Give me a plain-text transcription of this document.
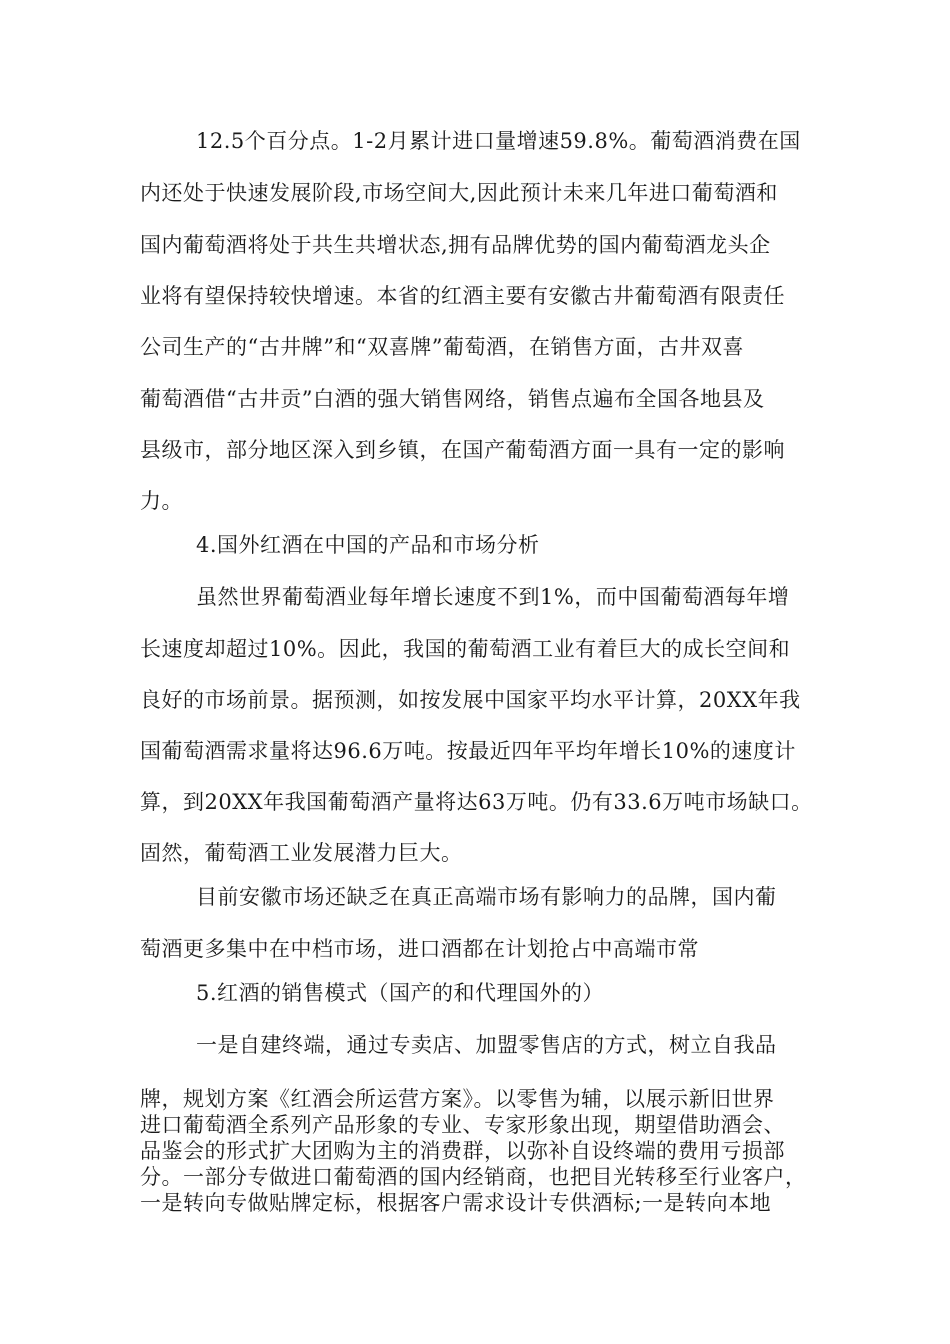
12.5个百分点。1-2月累计进口量增速59.8%。葡萄酒消费在国
内还处于快速发展阶段,市场空间大,因此预计未来几年进口葡萄酒和
国内葡萄酒将处于共生共增状态,拥有品牌优势的国内葡萄酒龙头企
业将有望保持较快增速。本省的红酒主要有安徽古井葡萄酒有限责任
公司生产的“古井牌”和“双喜牌”葡萄酒，在销售方面，古井双喜
葡萄酒借“古井贡”白酒的强大销售网络，销售点遍布全国各地县及
县级市，部分地区深入到乡镇，在国产葡萄酒方面一具有一定的影响
力。
4.国外红酒在中国的产品和市场分析
虽然世界葡萄酒业每年增长速度不到1%，而中国葡萄酒每年增
长速度却超过10%。因此，我国的葡萄酒工业有着巨大的成长空间和
良好的市场前景。据预测，如按发展中国家平均水平计算，20XX年我
国葡萄酒需求量将达96.6万吨。按最近四年平均年增长10%的速度计
算，到20XX年我国葡萄酒产量将达63万吨。仍有33.6万吨市场缺口。
固然，葡萄酒工业发展潜力巨大。
目前安徽市场还缺乏在真正高端市场有影响力的品牌，国内葡
萄酒更多集中在中档市场，进口酒都在计划抢占中高端市常
5.红酒的销售模式（国产的和代理国外的）
一是自建终端，通过专卖店、加盟零售店的方式，树立自我品
牌，规划方案《红酒会所运营方案》。以零售为辅，以展示新旧世界
进口葡萄酒全系列产品形象的专业、专家形象出现，期望借助酒会、
品鉴会的形式扩大团购为主的消费群，以弥补自设终端的费用亏损部
分。一部分专做进口葡萄酒的国内经销商，也把目光转移至行业客户，
一是转向专做贴牌定标，根据客户需求设计专供酒标;一是转向本地
